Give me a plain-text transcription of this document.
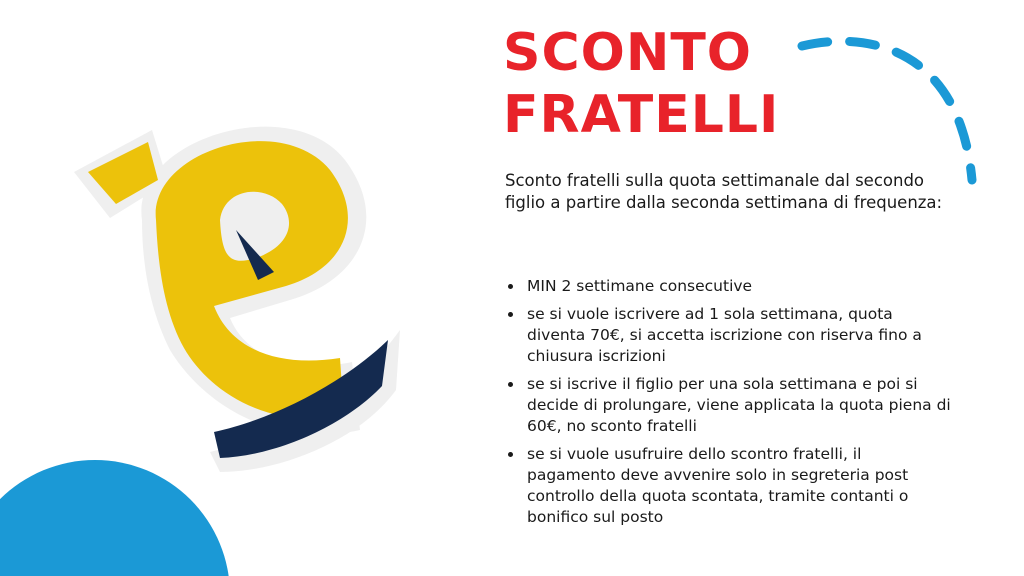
SCONTO
FRATELLI

Sconto fratelli sulla quota settimanale dal secondo figlio a partire dalla seconda settimana di frequenza:

MIN 2 settimane consecutive
se si vuole iscrivere ad 1 sola settimana, quota diventa 70€, si accetta iscrizione con riserva fino a chiusura iscrizioni
se si iscrive il figlio per una sola settimana e poi si decide di prolungare, viene applicata la quota piena di 60€, no sconto fratelli
se si vuole usufruire dello scontro fratelli, il pagamento deve avvenire solo in segreteria post controllo della quota scontata, tramite contanti o bonifico sul posto
